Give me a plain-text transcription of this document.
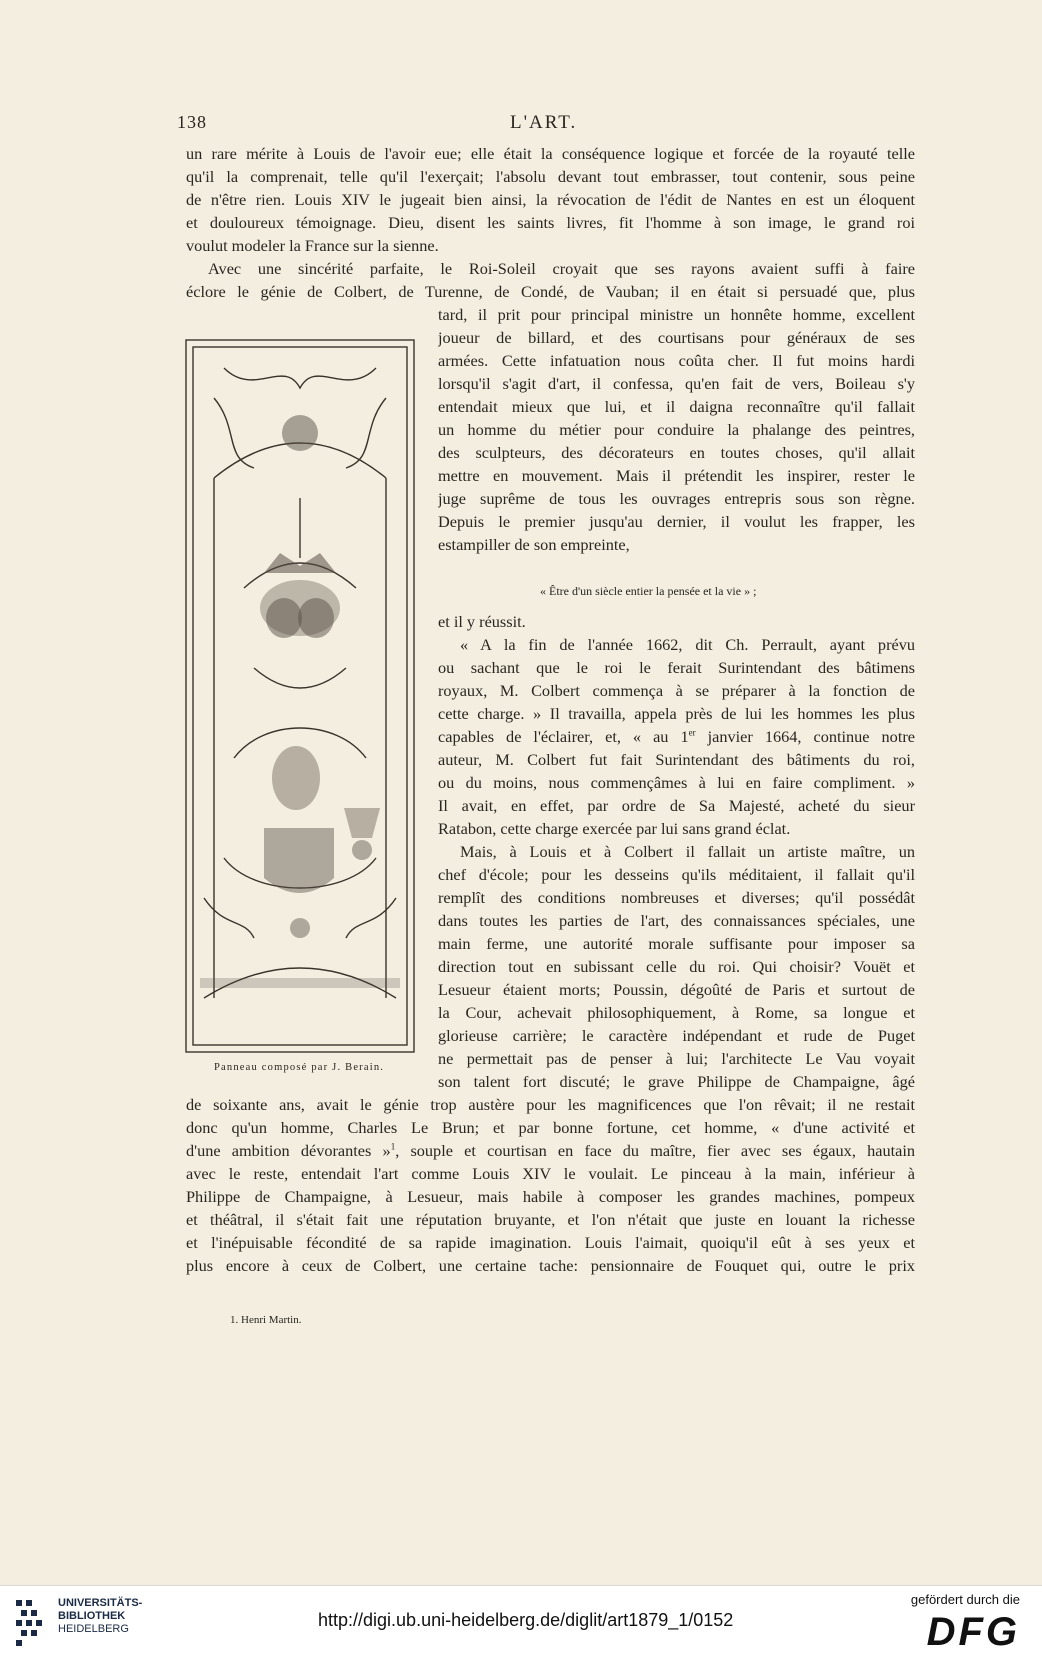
138	L'ART.
un rare mérite à Louis de l'avoir eue; elle était la conséquence logique et forcée de la royauté telle
qu'il la comprenait, telle qu'il l'exerçait; l'absolu devant tout embrasser, tout contenir, sous peine
de n'être rien. Louis XIV le jugeait bien ainsi, la révocation de l'édit de Nantes en est un éloquent
et douloureux témoignage. Dieu, disent les saints livres, fit l'homme à son image, le grand roi
voulut modeler la France sur la sienne.
Avec une sincérité parfaite, le Roi-Soleil croyait que ses rayons avaient suffi à faire
éclore le génie de Colbert, de Turenne, de Condé, de Vauban; il en était si persuadé que, plus
tard, il prit pour principal ministre un honnête homme, excellent
joueur de billard, et des courtisans pour généraux de ses
armées. Cette infatuation nous coûta cher. Il fut moins hardi
lorsqu'il s'agit d'art, il confessa, qu'en fait de vers, Boileau s'y
entendait mieux que lui, et il daigna reconnaître qu'il fallait
un homme du métier pour conduire la phalange des peintres,
des sculpteurs, des décorateurs en toutes choses, qu'il allait
mettre en mouvement. Mais il prétendit les inspirer, rester le
juge suprême de tous les ouvrages entrepris sous son règne.
Depuis le premier jusqu'au dernier, il voulut les frapper, les
estampiller de son empreinte,
« Être d'un siècle entier la pensée et la vie » ;
et il y réussit.
« A la fin de l'année 1662, dit Ch. Perrault, ayant prévu
ou sachant que le roi le ferait Surintendant des bâtimens
royaux, M. Colbert commença à se préparer à la fonction de
cette charge. » Il travailla, appela près de lui les hommes les plus
capables de l'éclairer, et, « au 1er janvier 1664, continue notre
auteur, M. Colbert fut fait Surintendant des bâtiments du roi,
ou du moins, nous commençâmes à lui en faire compliment. »
Il avait, en effet, par ordre de Sa Majesté, acheté du sieur
Ratabon, cette charge exercée par lui sans grand éclat.
Mais, à Louis et à Colbert il fallait un artiste maître, un
chef d'école; pour les desseins qu'ils méditaient, il fallait qu'il
remplît des conditions nombreuses et diverses; qu'il possédât
dans toutes les parties de l'art, des connaissances spéciales, une
main ferme, une autorité morale suffisante pour imposer sa
direction tout en subissant celle du roi. Qui choisir? Vouët et
Lesueur étaient morts; Poussin, dégoûté de Paris et surtout de
la Cour, achevait philosophiquement, à Rome, sa longue et
glorieuse carrière; le caractère indépendant et rude de Puget
ne permettait pas de penser à lui; l'architecte Le Vau voyait
son talent fort discuté; le grave Philippe de Champaigne, âgé
de soixante ans, avait le génie trop austère pour les magnificences que l'on rêvait; il ne restait
donc qu'un homme, Charles Le Brun; et par bonne fortune, cet homme, « d'une activité et
d'une ambition dévorantes »$^1$, souple et courtisan en face du maître, fier avec ses égaux, hautain
avec le reste, entendait l'art comme Louis XIV le voulait. Le pinceau à la main, inférieur à
Philippe de Champaigne, à Lesueur, mais habile à composer les grandes machines, pompeux
et théâtral, il s'était fait une réputation bruyante, et l'on n'était que juste en louant la richesse
et l'inépuisable fécondité de sa rapide imagination. Louis l'aimait, quoiqu'il eût à ses yeux et
plus encore à ceux de Colbert, une certaine tache: pensionnaire de Fouquet qui, outre le prix
Panneau composé par J. Berain.
1. Henri Martin.
UNIVERSITÄTS-
BIBLIOTHEK
HEIDELBERG	http://digi.ub.uni-heidelberg.de/diglit/art1879_1/0152
gefördert durch die
DFG
